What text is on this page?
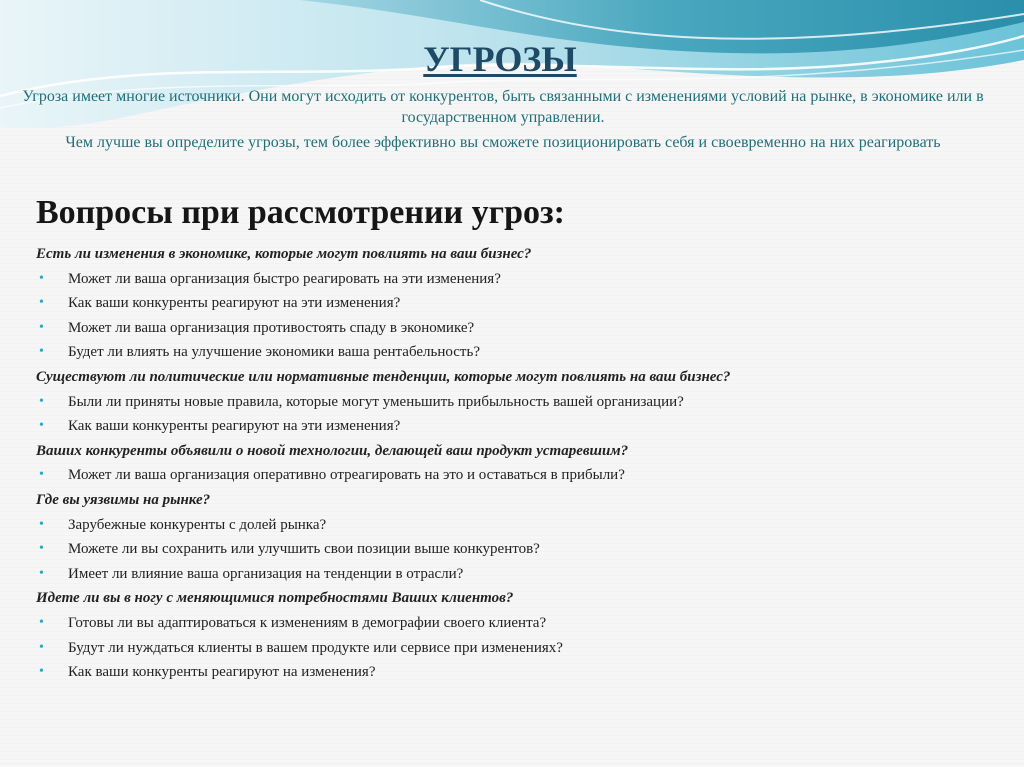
УГРОЗЫ

Угроза имеет многие источники. Они могут исходить от конкурентов, быть связанными с изменениями условий на рынке, в экономике или в государственном управлении.

Чем лучше вы определите угрозы, тем более эффективно вы сможете позиционировать себя и своевременно на них реагировать

Вопросы при рассмотрении угроз:
Есть ли изменения в экономике, которые могут повлиять на ваш бизнес?
• Может ли ваша организация быстро реагировать на эти изменения?
• Как ваши конкуренты реагируют на эти изменения?
• Может ли ваша организация противостоять спаду в экономике?
• Будет ли влиять на улучшение экономики ваша рентабельность?
Существуют ли политические или нормативные тенденции, которые могут повлиять на ваш бизнес?
• Были ли приняты новые правила, которые могут уменьшить прибыльность вашей организации?
• Как ваши конкуренты реагируют на эти изменения?
Ваших конкуренты объявили о новой технологии, делающей ваш продукт устаревшим?
• Может ли ваша организация оперативно отреагировать на это и оставаться в прибыли?
Где вы уязвимы на рынке?
• Зарубежные конкуренты с долей рынка?
• Можете ли вы сохранить или улучшить свои позиции выше конкурентов?
• Имеет ли влияние ваша организация на тенденции в отрасли?
Идете ли вы в ногу с меняющимися потребностями Ваших клиентов?
• Готовы ли вы адаптироваться к изменениям в демографии своего клиента?
• Будут ли нуждаться клиенты в вашем продукте или сервисе при изменениях?
• Как ваши конкуренты реагируют на изменения?
